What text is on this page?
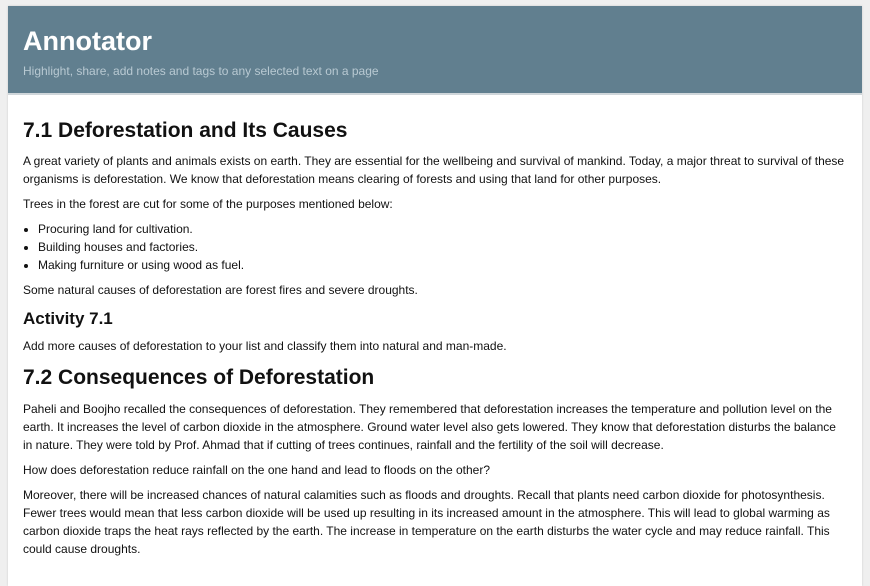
Annotator

Highlight, share, add notes and tags to any selected text on a page

7.1 Deforestation and Its Causes

A great variety of plants and animals exists on earth. They are essential for the wellbeing and survival of mankind. Today, a major threat to survival of these organisms is deforestation. We know that deforestation means clearing of forests and using that land for other purposes.

Trees in the forest are cut for some of the purposes mentioned below:

• Procuring land for cultivation.
• Building houses and factories.
• Making furniture or using wood as fuel.

Some natural causes of deforestation are forest fires and severe droughts.

Activity 7.1

Add more causes of deforestation to your list and classify them into natural and man-made.

7.2 Consequences of Deforestation

Paheli and Boojho recalled the consequences of deforestation. They remembered that deforestation increases the temperature and pollution level on the earth. It increases the level of carbon dioxide in the atmosphere. Ground water level also gets lowered. They know that deforestation disturbs the balance in nature. They were told by Prof. Ahmad that if cutting of trees continues, rainfall and the fertility of the soil will decrease.

How does deforestation reduce rainfall on the one hand and lead to floods on the other?

Moreover, there will be increased chances of natural calamities such as floods and droughts. Recall that plants need carbon dioxide for photosynthesis. Fewer trees would mean that less carbon dioxide will be used up resulting in its increased amount in the atmosphere. This will lead to global warming as carbon dioxide traps the heat rays reflected by the earth. The increase in temperature on the earth disturbs the water cycle and may reduce rainfall. This could cause droughts.
